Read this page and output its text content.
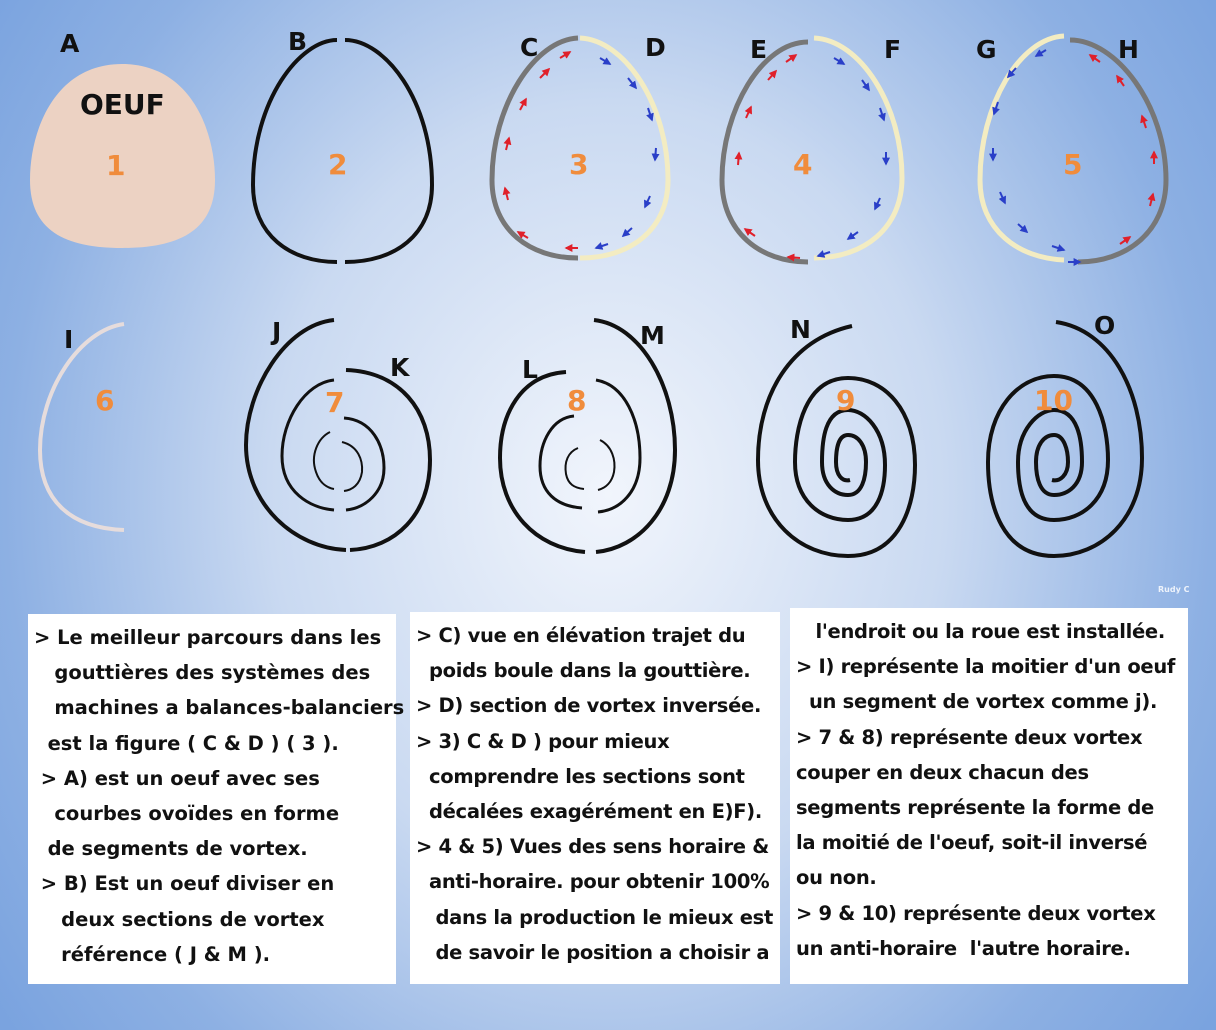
A
OEUF
1
B
2
C	D
3
E	F
4
G	H
5
I
6
J
K
7
L
M
8
N
9
O
10
Rudy C
> Le meilleur parcours dans les
gouttières des systèmes des
machines a balances-balanciers
est la figure ( C & D ) ( 3 ).
> A) est un oeuf avec ses
courbes ovoïdes en forme
de segments de vortex.
> B) Est un oeuf diviser en
deux sections de vortex
référence ( J & M ).
> C) vue en élévation trajet du
poids boule dans la gouttière.
> D) section de vortex inversée.
> 3) C & D ) pour mieux
comprendre les sections sont
décalées exagérément en E)F).
> 4 & 5) Vues des sens horaire &
anti-horaire. pour obtenir 100%
dans la production le mieux est
de savoir le position a choisir a
l'endroit ou la roue est installée.
> I) représente la moitier d'un oeuf
un segment de vortex comme j).
> 7 & 8) représente deux vortex
couper en deux chacun des
segments représente la forme de
la moitié de l'oeuf, soit-il inversé
ou non.
> 9 & 10) représente deux vortex
un anti-horaire  l'autre horaire.
